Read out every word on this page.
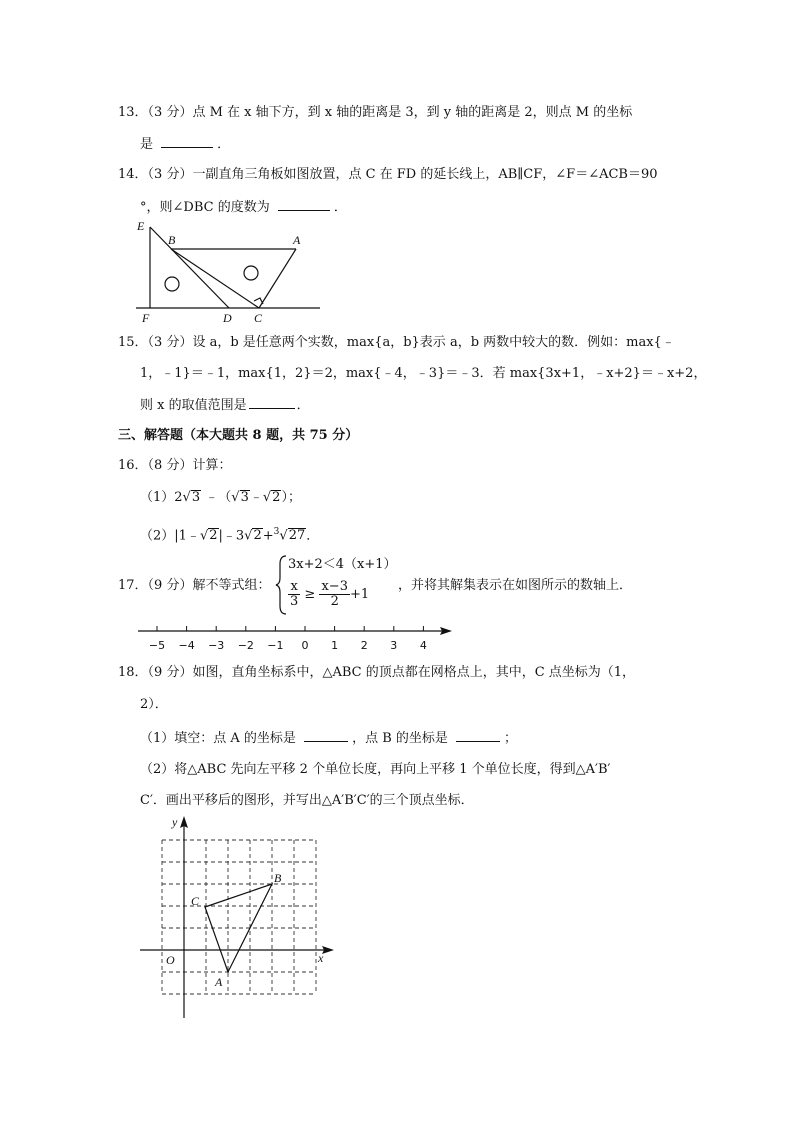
13．（3 分）点 M 在 x 轴下方，到 x 轴的距离是 3，到 y 轴的距离是 2，则点 M 的坐标
是	．
14．（3 分）一副直角三角板如图放置，点 C 在 FD 的延长线上，AB∥CF，∠F＝∠ACB＝90
°，则∠DBC 的度数为	．
E
B	A
F	D C
15．（3 分）设 a，b 是任意两个实数，max{a，b}表示 a，b 两数中较大的数．例如：max{﹣
1，﹣1}＝﹣1，max{1，2}＝2，max{﹣4，﹣3}＝﹣3．若 max{3x+1，﹣x+2}＝﹣x+2，
则 x 的取值范围是	．
三、解答题（本大题共 8 题，共 75 分）
16．（8 分）计算：
（1）2√3 ﹣（√3﹣√2）；
（2）|1﹣√2|﹣3√2+$^3$√27．
17．（9 分）解不等式组：
3x+2＜4（x+1）
$\frac{x}{3} \ge \frac{x-3}{2} +1$
，并将其解集表示在如图所示的数轴上．
−5 −4 −3 −2 −1 0 1 2 3 4
18．（9 分）如图，直角坐标系中，△ABC 的顶点都在网格点上，其中，C 点坐标为（1，
2）．
（1）填空：点 A 的坐标是	，点 B 的坐标是	；
（2）将△ABC 先向左平移 2 个单位长度，再向上平移 1 个单位长度，得到△A′B′
C′．画出平移后的图形，并写出△A′B′C′的三个顶点坐标．
y
x
O
A
B
C
